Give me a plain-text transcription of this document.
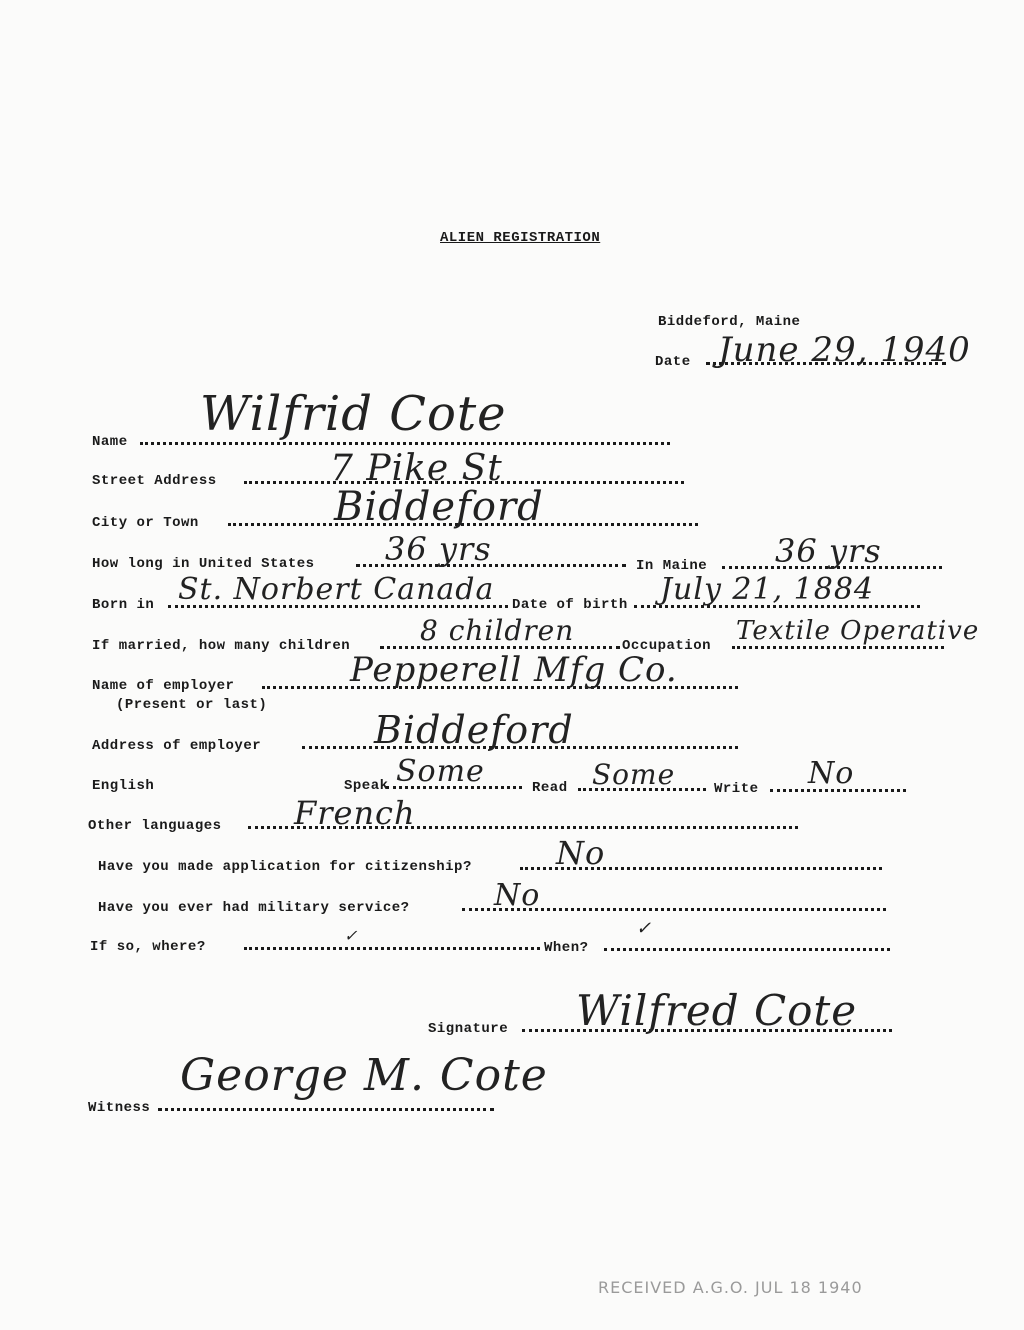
ALIEN REGISTRATION
Biddeford, Maine
Date June 29, 1940
Name Wilfrid Cote
Street Address	7 Pike St
City or Town	Biddeford
How long in United States 36 yrs	In Maine 36 yrs
Born in St. Norbert Canada Date of birth July 21, 1884
If married, how many children 8 children	Occupation Textile Operative
Name of employer
(Present or last)
Pepperell Mfg Co.
Address of employer	Biddeford
English	Speak Some	Read Some	Write No
Other languages French
Have you made application for citizenship?	No
Have you ever had military service?	No
If so, where?
✓
When?
✓
Signature Wilfred Cote
Witness
George M. Cote
RECEIVED A.G.O. JUL 18 1940
